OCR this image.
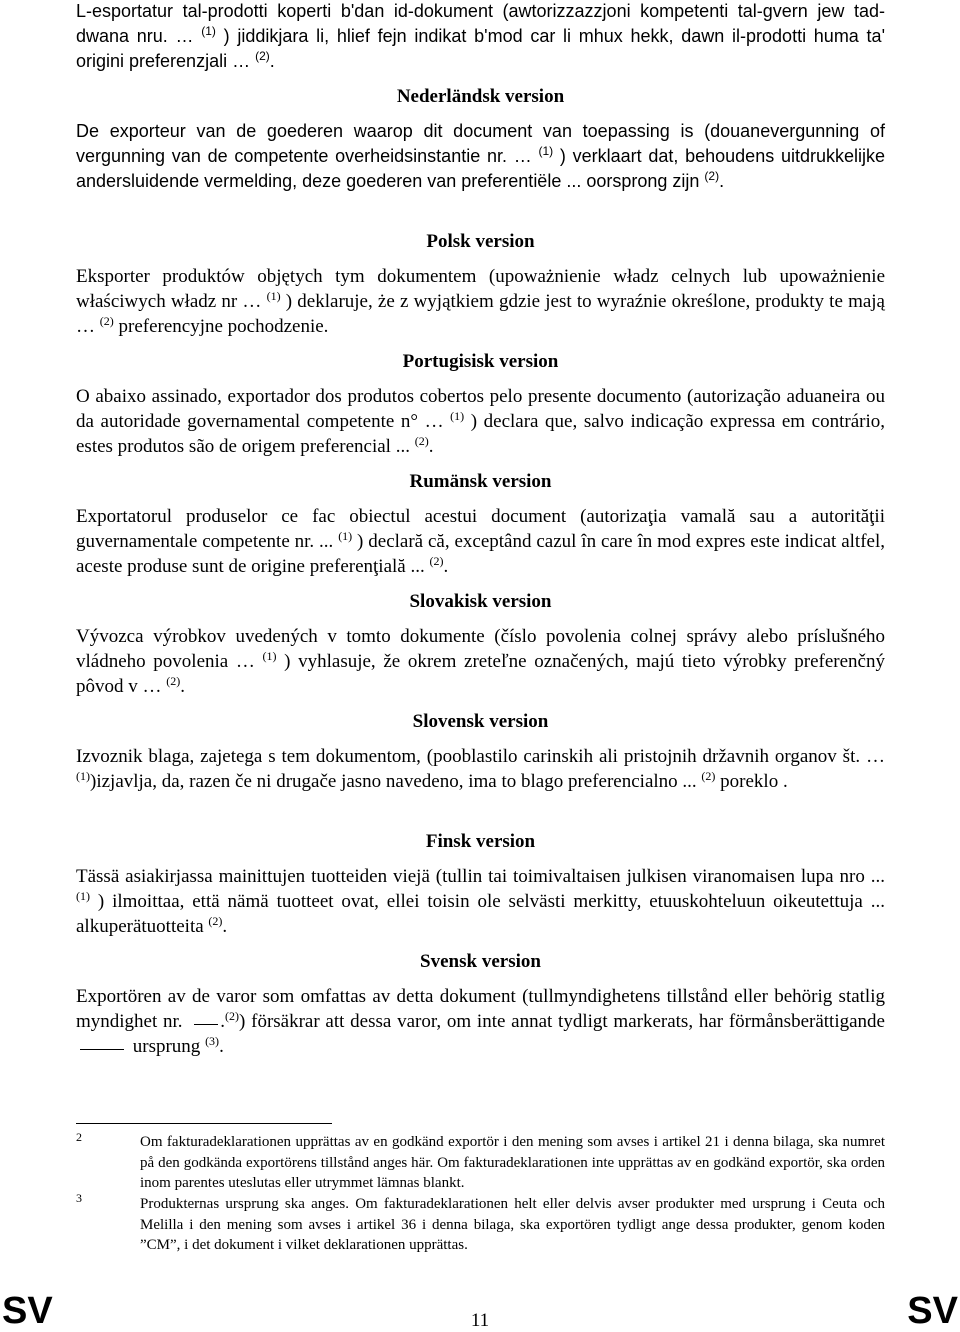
L-esportatur tal-prodotti koperti b'dan id-dokument (awtorizzazzjoni kompetenti tal-gvern jew tad-dwana nru. … $^{(1)}$ ) jiddikjara li, hlief fejn indikat b'mod car li mhux hekk, dawn il-prodotti huma ta' origini preferenzjali … $^{(2)}$.

Nederländsk version

De exporteur van de goederen waarop dit document van toepassing is (douanevergunning of vergunning van de competente overheidsinstantie nr. … $^{(1)}$ ) verklaart dat, behoudens uitdrukkelijke andersluidende vermelding, deze goederen van preferentiële ... oorsprong zijn $^{(2)}$.

Polsk version

Eksporter produktów objętych tym dokumentem (upoważnienie władz celnych lub upoważnienie właściwych władz nr … $^{(1)}$ ) deklaruje, że z wyjątkiem gdzie jest to wyraźnie określone, produkty te mają … $^{(2)}$ preferencyjne pochodzenie.

Portugisisk version

O abaixo assinado, exportador dos produtos cobertos pelo presente documento (autorização aduaneira ou da autoridade governamental competente n° … $^{(1)}$ ) declara que, salvo indicação expressa em contrário, estes produtos são de origem preferencial ... $^{(2)}$.

Rumänsk version

Exportatorul produselor ce fac obiectul acestui document (autorizaţia vamală sau a autorităţii guvernamentale competente nr. ... $^{(1)}$ ) declară că, exceptând cazul în care în mod expres este indicat altfel, aceste produse sunt de origine preferenţială ... $^{(2)}$.

Slovakisk version

Vývozca výrobkov uvedených v tomto dokumente (číslo povolenia colnej správy alebo príslušného vládneho povolenia … $^{(1)}$ ) vyhlasuje, že okrem zreteľne označených, majú tieto výrobky preferenčný pôvod v … $^{(2)}$.

Slovensk version

Izvoznik blaga, zajetega s tem dokumentom, (pooblastilo carinskih ali pristojnih državnih organov št. … $^{(1)}$)izjavlja, da, razen če ni drugače jasno navedeno, ima to blago preferencialno ... $^{(2)}$ poreklo .

Finsk version

Tässä asiakirjassa mainittujen tuotteiden viejä (tullin tai toimivaltaisen julkisen viranomaisen lupa nro ... $^{(1)}$ ) ilmoittaa, että nämä tuotteet ovat, ellei toisin ole selvästi merkitty, etuuskohteluun oikeutettuja ... alkuperätuotteita $^{(2)}$.

Svensk version

Exportören av de varor som omfattas av detta dokument (tullmyndighetens tillstånd eller behörig statlig myndighet nr. .$^{(2)}$) försäkrar att dessa varor, om inte annat tydligt markerats, har förmånsberättigande  ursprung $^{(3)}$.

2	Om fakturadeklarationen upprättas av en godkänd exportör i den mening som avses i artikel 21 i denna bilaga, ska numret på den godkända exportörens tillstånd anges här. Om fakturadeklarationen inte upprättas av en godkänd exportör, ska orden inom parentes uteslutas eller utrymmet lämnas blankt.
3	Produkternas ursprung ska anges. Om fakturadeklarationen helt eller delvis avser produkter med ursprung i Ceuta och Melilla i den mening som avses i artikel 36 i denna bilaga, ska exportören tydligt ange dessa produkter, genom koden ”CM”, i det dokument i vilket deklarationen upprättas.
SV	11	SV
